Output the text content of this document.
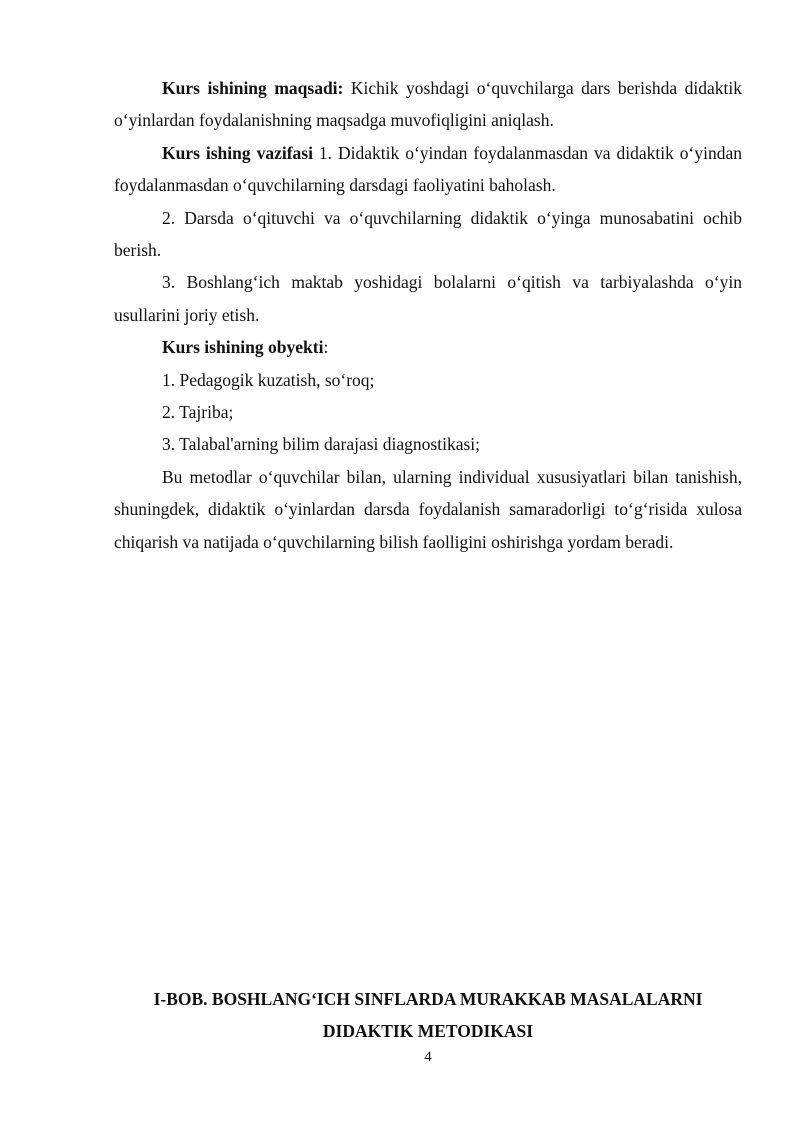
Kurs ishining maqsadi: Kichik yoshdagi o‘quvchilarga dars berishda didaktik o‘yinlardan foydalanishning maqsadga muvofiqligini aniqlash.

Kurs ishing vazifasi 1. Didaktik o‘yindan foydalanmasdan va didaktik o‘yindan foydalanmasdan o‘quvchilarning darsdagi faoliyatini baholash.

2. Darsda o‘qituvchi va o‘quvchilarning didaktik o‘yinga munosabatini ochib berish.

3. Boshlang‘ich maktab yoshidagi bolalarni o‘qitish va tarbiyalashda o‘yin usullarini joriy etish.

Kurs ishining obyekti:

1. Pedagogik kuzatish, so‘roq;

2. Tajriba;

3. Talabal'arning bilim darajasi diagnostikasi;

Bu metodlar o‘quvchilar bilan, ularning individual xususiyatlari bilan tanishish, shuningdek, didaktik o‘yinlardan darsda foydalanish samaradorligi to‘g‘risida xulosa chiqarish va natijada o‘quvchilarning bilish faolligini oshirishga yordam beradi.

I-BOB. BOSHLANG‘ICH SINFLARDA MURAKKAB MASALALARNI
DIDAKTIK METODIKASI
4
